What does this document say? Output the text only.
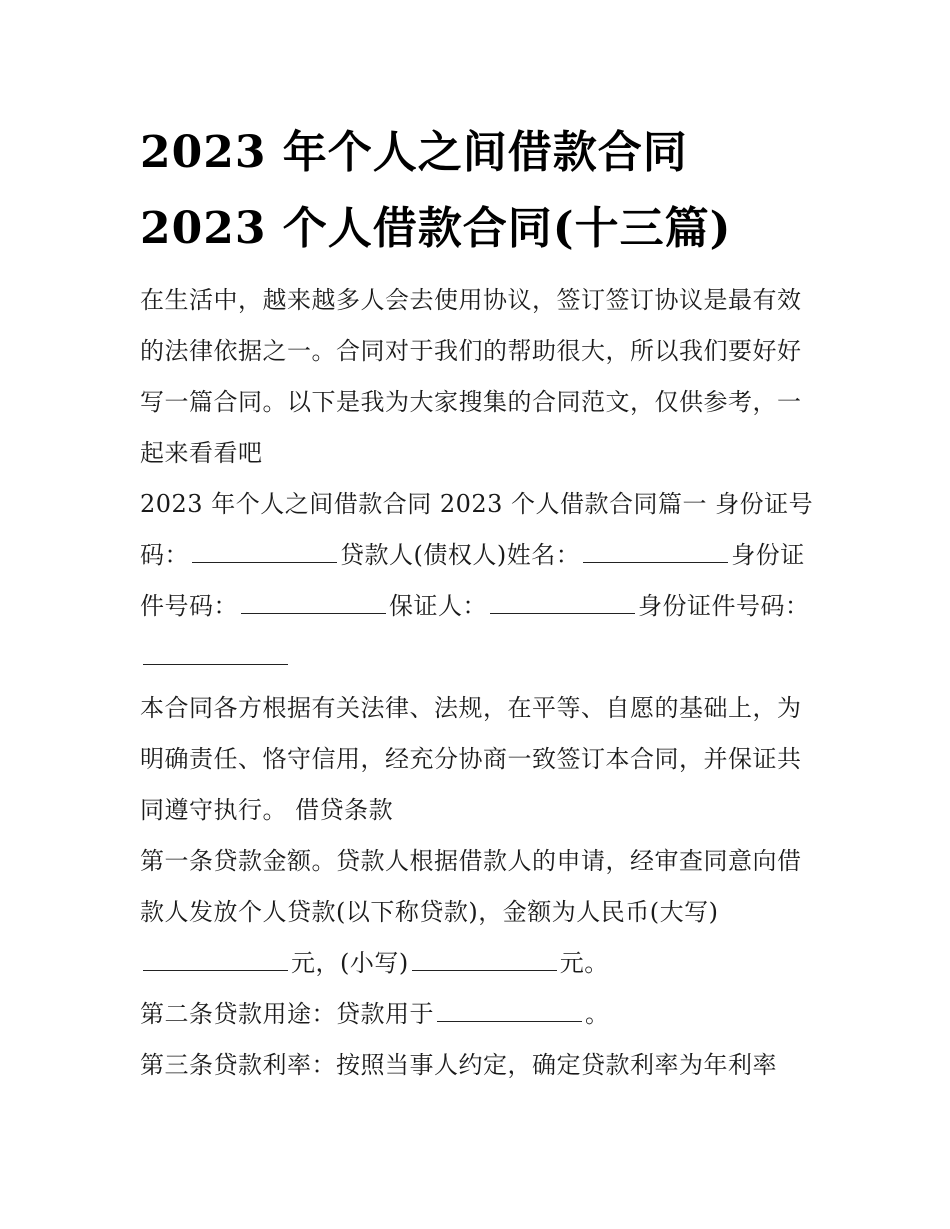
2023 年个人之间借款合同
2023 个人借款合同(十三篇)

在生活中，越来越多人会去使用协议，签订签订协议是最有效的法律依据之一。合同对于我们的帮助很大，所以我们要好好写一篇合同。以下是我为大家搜集的合同范文，仅供参考，一起来看看吧

2023 年个人之间借款合同 2023 个人借款合同篇一 身份证号码：	贷款人(债权人)姓名：	身份证件号码：	保证人：	身份证件号码：

本合同各方根据有关法律、法规，在平等、自愿的基础上，为明确责任、恪守信用，经充分协商一致签订本合同，并保证共同遵守执行。 借贷条款

第一条贷款金额。贷款人根据借款人的申请，经审查同意向借款人发放个人贷款(以下称贷款)，金额为人民币(大写)元，(小写)	元。

第二条贷款用途：贷款用于	。

第三条贷款利率：按照当事人约定，确定贷款利率为年利率
